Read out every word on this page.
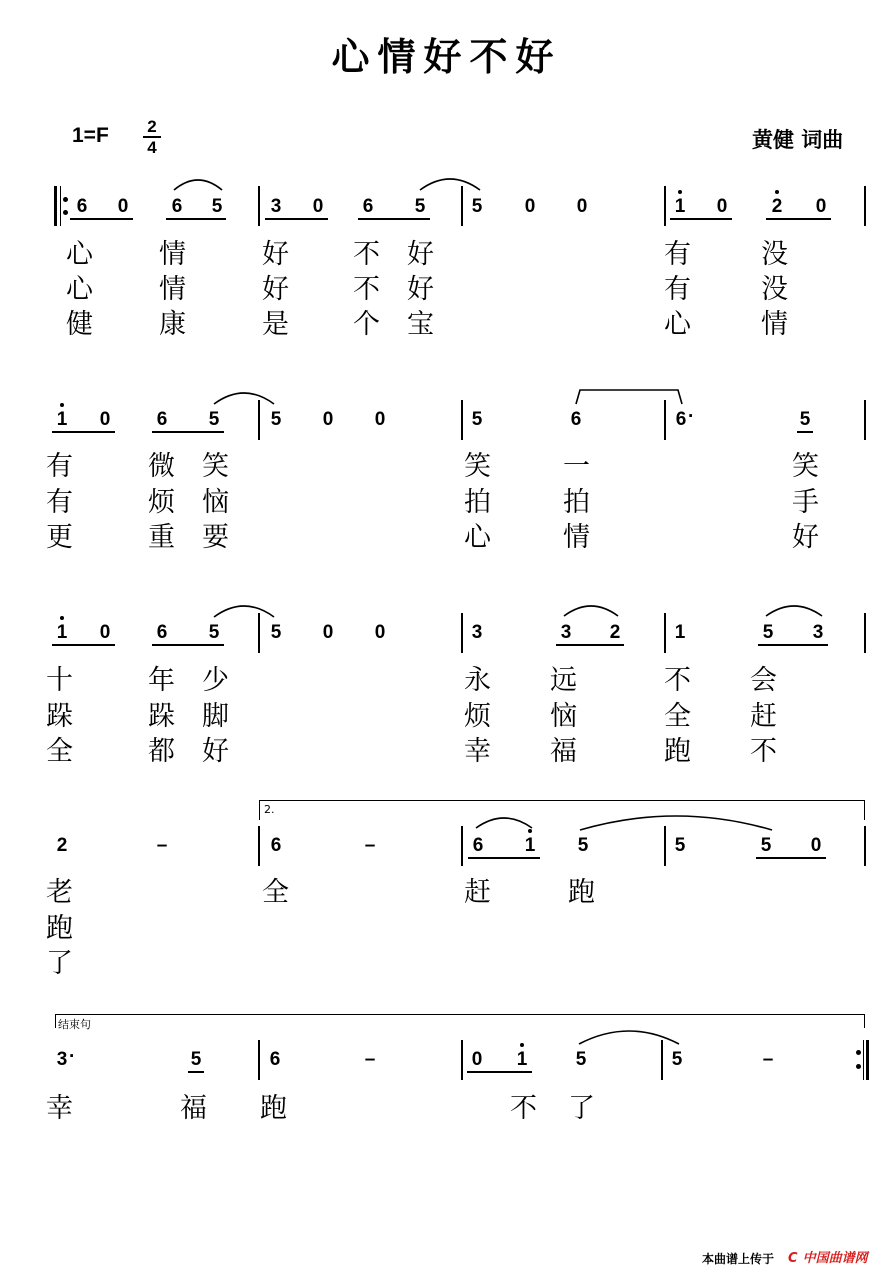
心情好不好
1=F 2
4	黄健 词曲
6	0	6	5	3	0	6	5	5	0	0	1	0	2	0
心 情	好 不 好	有	没
心 情	好 不 好	有	没
健 康	是 个 宝	心	情
1	0	6	5	5	0	0	5	6	6 ·	5
有	微 笑	笑	一	笑
有	烦 恼	拍	拍	手
更	重 要	心	情	好
1	0	6	5	5	0	0	3	3	2	1	5	3
十	年 少	永 远	不 会
跺	跺 脚	烦 恼	全 赶
全	都 好	幸 福	跑 不
2.
2	–	6	–	6	1	5	5	5	0
老	全	赶	跑
跑
了
结束句
3 ·	5	6	–	0	1	5	5	–
幸	福 跑	不 了
本曲谱上传于 C 中国曲谱网
